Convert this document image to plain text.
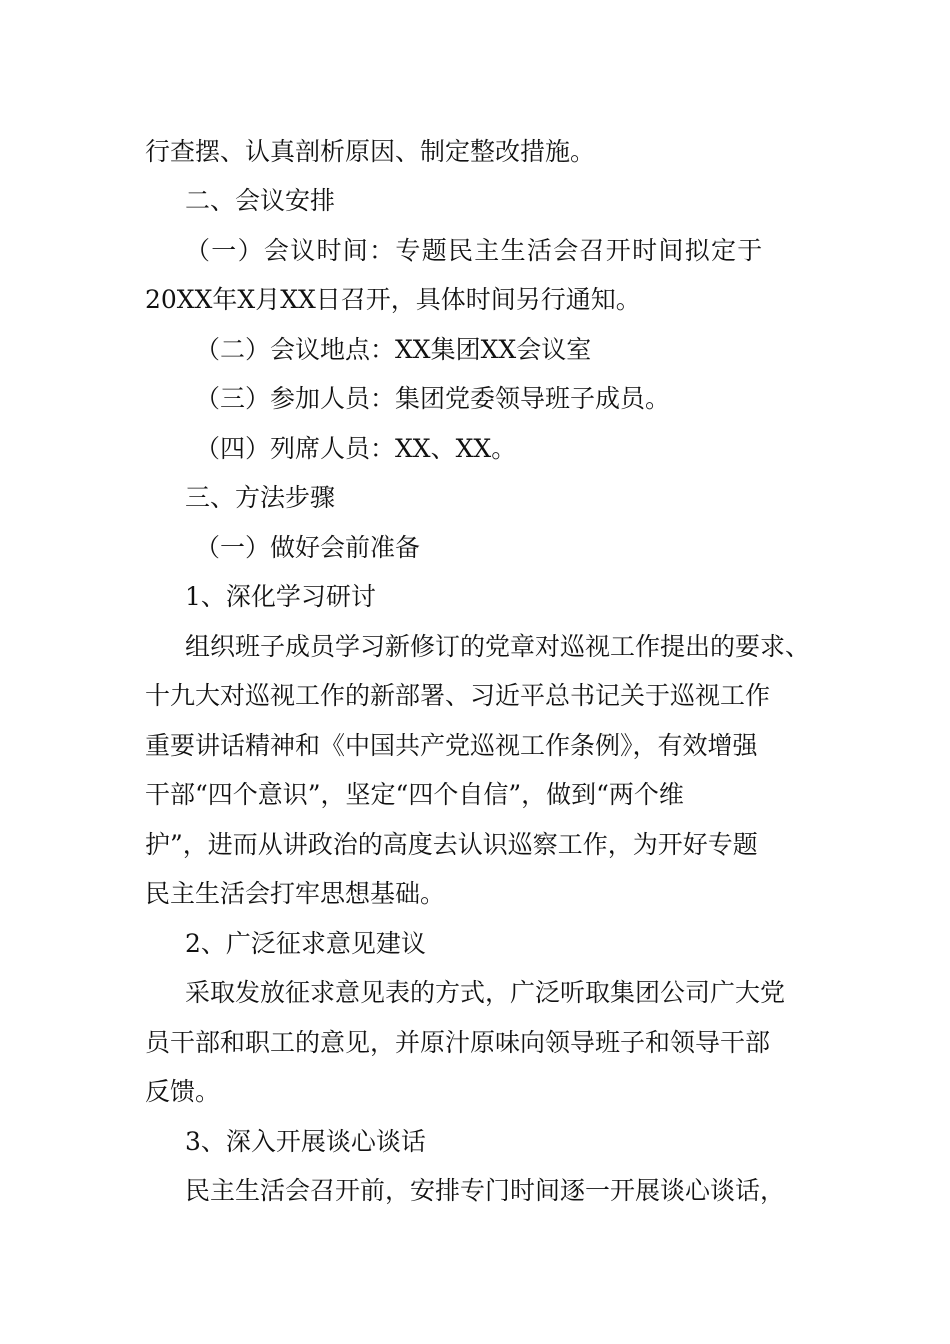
行查摆、认真剖析原因、制定整改措施。

二、会议安排

（一）会议时间：专题民主生活会召开时间拟定于

20XX年X月XX日召开，具体时间另行通知。

（二）会议地点：XX集团XX会议室

（三）参加人员：集团党委领导班子成员。

（四）列席人员：XX、XX。

三、方法步骤

（一）做好会前准备

1、深化学习研讨

组织班子成员学习新修订的党章对巡视工作提出的要求、

十九大对巡视工作的新部署、习近平总书记关于巡视工作

重要讲话精神和《中国共产党巡视工作条例》，有效增强

干部“四个意识”，坚定“四个自信”，做到“两个维

护”，进而从讲政治的高度去认识巡察工作，为开好专题

民主生活会打牢思想基础。

2、广泛征求意见建议

采取发放征求意见表的方式，广泛听取集团公司广大党

员干部和职工的意见，并原汁原味向领导班子和领导干部

反馈。

3、深入开展谈心谈话

民主生活会召开前，安排专门时间逐一开展谈心谈话，
